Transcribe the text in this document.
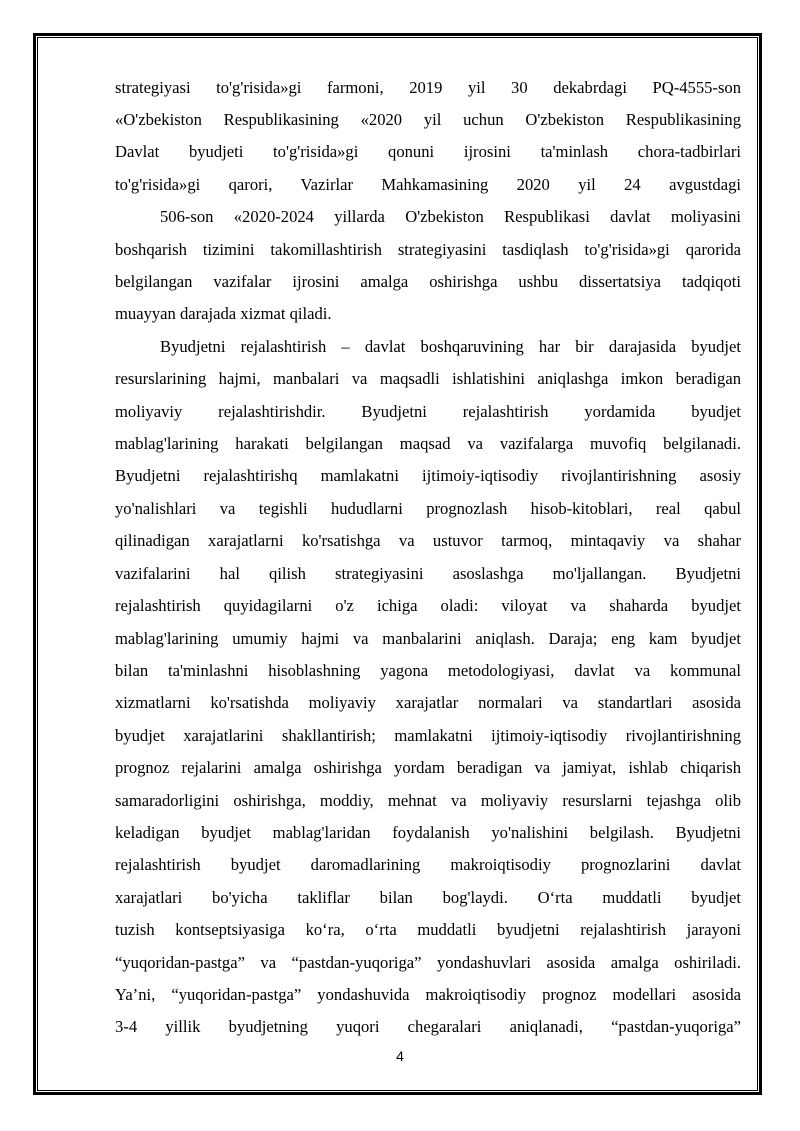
strategiyasi to'g'risida»gi farmoni, 2019 yil 30 dekabrdagi PQ-4555-son
«O'zbekiston Respublikasining «2020 yil uchun O'zbekiston Respublikasining
Davlat byudjeti to'g'risida»gi qonuni ijrosini ta'minlash chora-tadbirlari
to'g'risida»gi qarori, Vazirlar Mahkamasining 2020 yil 24 avgustdagi
506-son «2020-2024 yillarda O'zbekiston Respublikasi davlat moliyasini
boshqarish tizimini takomillashtirish strategiyasini tasdiqlash to'g'risida»gi qarorida
belgilangan vazifalar ijrosini amalga oshirishga ushbu dissertatsiya tadqiqoti
muayyan darajada xizmat qiladi.
Byudjetni rejalashtirish – davlat boshqaruvining har bir darajasida byudjet
resurslarining hajmi, manbalari va maqsadli ishlatishini aniqlashga imkon beradigan
moliyaviy rejalashtirishdir. Byudjetni rejalashtirish yordamida byudjet
mablag'larining harakati belgilangan maqsad va vazifalarga muvofiq belgilanadi.
Byudjetni rejalashtirishq mamlakatni ijtimoiy-iqtisodiy rivojlantirishning asosiy
yo'nalishlari va tegishli hududlarni prognozlash hisob-kitoblari, real qabul
qilinadigan xarajatlarni ko'rsatishga va ustuvor tarmoq, mintaqaviy va shahar
vazifalarini hal qilish strategiyasini asoslashga mo'ljallangan. Byudjetni
rejalashtirish quyidagilarni o'z ichiga oladi: viloyat va shaharda byudjet
mablag'larining umumiy hajmi va manbalarini aniqlash. Daraja; eng kam byudjet
bilan ta'minlashni hisoblashning yagona metodologiyasi, davlat va kommunal
xizmatlarni ko'rsatishda moliyaviy xarajatlar normalari va standartlari asosida
byudjet xarajatlarini shakllantirish; mamlakatni ijtimoiy-iqtisodiy rivojlantirishning
prognoz rejalarini amalga oshirishga yordam beradigan va jamiyat, ishlab chiqarish
samaradorligini oshirishga, moddiy, mehnat va moliyaviy resurslarni tejashga olib
keladigan byudjet mablag'laridan foydalanish yo'nalishini belgilash. Byudjetni
rejalashtirish byudjet daromadlarining makroiqtisodiy prognozlarini davlat
xarajatlari bo'yicha takliflar bilan bog'laydi. O‘rta muddatli byudjet
tuzish kontseptsiyasiga ko‘ra, o‘rta muddatli byudjetni rejalashtirish jarayoni
“yuqoridan-pastga” va “pastdan-yuqoriga” yondashuvlari asosida amalga oshiriladi.
Ya’ni, “yuqoridan-pastga” yondashuvida makroiqtisodiy prognoz modellari asosida
3-4 yillik byudjetning yuqori chegaralari aniqlanadi, “pastdan-yuqoriga”
4
